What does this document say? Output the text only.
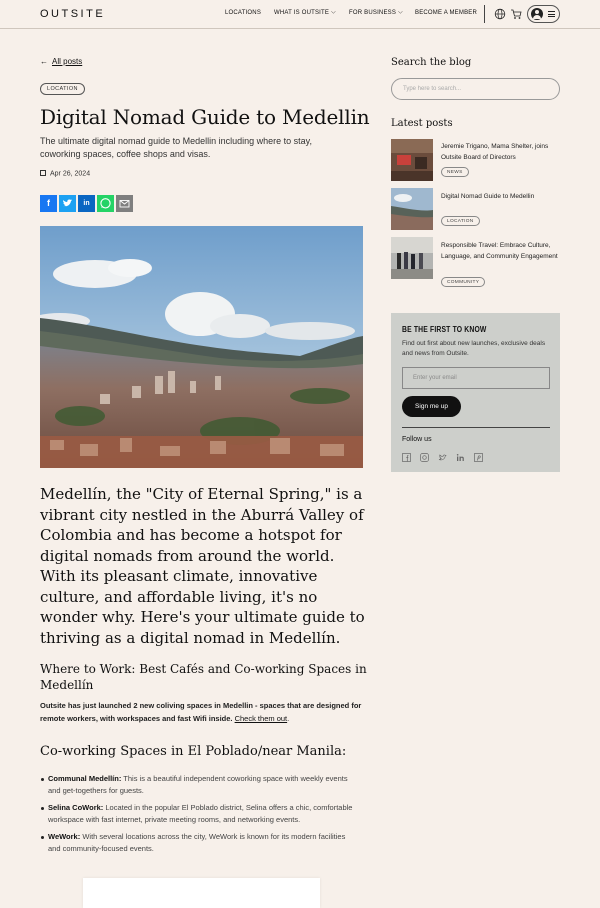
OUTSITE	LOCATIONS WHAT IS OUTSITE ⌵ FOR BUSINESS ⌵ BECOME A MEMBER
← All posts
LOCATION
Digital Nomad Guide to Medellin
The ultimate digital nomad guide to Medellin including where to stay, coworking spaces, coffee shops and visas.
Apr 26, 2024
f	in
Medellín, the "City of Eternal Spring," is a vibrant city nestled in the Aburrá Valley of Colombia and has become a hotspot for digital nomads from around the world. With its pleasant climate, innovative culture, and affordable living, it's no wonder why. Here's your ultimate guide to thriving as a digital nomad in Medellín.
Where to Work: Best Cafés and Co-working Spaces in Medellín
Outsite has just launched 2 new coliving spaces in Medellin - spaces that are designed for remote workers, with workspaces and fast Wifi inside. Check them out.
Co-working Spaces in El Poblado/near Manila:
Communal Medellín: This is a beautiful independent coworking space with weekly events and get-togethers for guests.
Selina CoWork: Located in the popular El Poblado district, Selina offers a chic, comfortable workspace with fast internet, private meeting rooms, and networking events.
WeWork: With several locations across the city, WeWork is known for its modern facilities and community-focused events.
Search the blog
Type here to search...
Latest posts
Jeremie Trigano, Mama Shelter, joins Outsite Board of Directors
NEWS
Digital Nomad Guide to Medellin
LOCATION
Responsible Travel: Embrace Culture, Language, and Community Engagement
COMMUNITY
BE THE FIRST TO KNOW
Find out first about new launches, exclusive deals and news from Outsite.
Enter your email
Sign me up
Follow us
